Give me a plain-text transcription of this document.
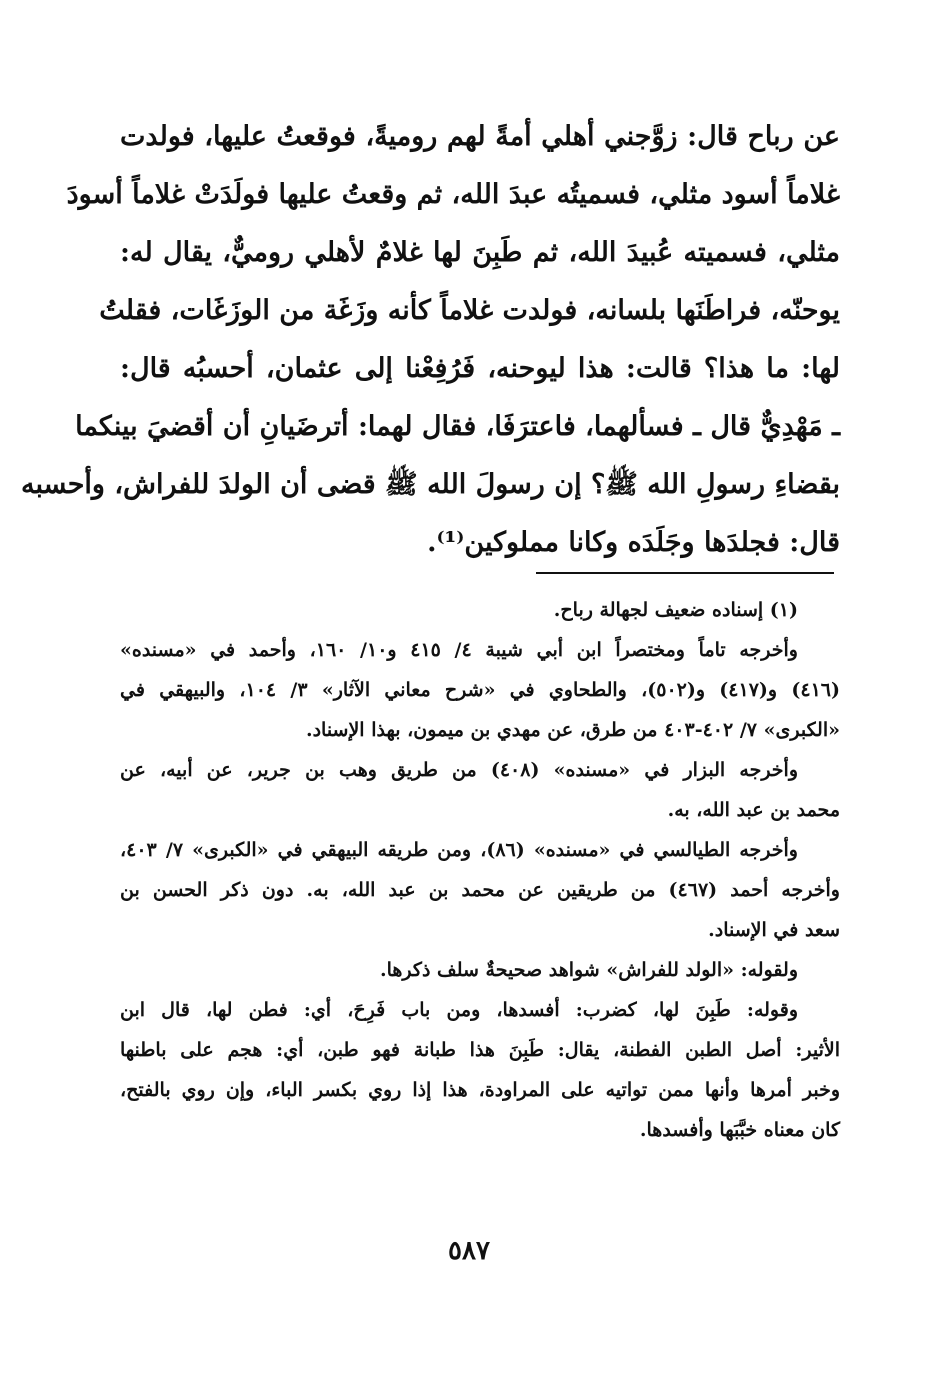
عن رباح قال: زوَّجني أهلي أمةً لهم روميةً، فوقعتُ عليها، فولدت
غلاماً أسود مثلي، فسميتُه عبدَ الله، ثم وقعتُ عليها فولَدَتْ غلاماً أسودَ
مثلي، فسميته عُبيدَ الله، ثم طَبِنَ لها غلامٌ لأهلي روميٌّ، يقال له:
يوحنّه، فراطَنَها بلسانه، فولدت غلاماً كأنه وزَغَة من الوزَغَات، فقلتُ
لها: ما هذا؟ قالت: هذا ليوحنه، فَرُفِعْنا إلى عثمان، أحسبُه قال:
ـ مَهْدِيٌّ قال ـ فسألهما، فاعترَفَا، فقال لهما: أترضَيانِ أن أقضيَ بينكما
بقضاءِ رسولِ الله ﷺ؟ إن رسولَ الله ﷺ قضى أن الولدَ للفراش، وأحسبه
قال: فجلدَها وجَلَدَه وكانا مملوكين⁽¹⁾.
(١) إسناده ضعيف لجهالة رباح.
وأخرجه تاماً ومختصراً ابن أبي شيبة ٤/ ٤١٥ و١٠/ ١٦٠، وأحمد في «مسنده»
(٤١٦) و(٤١٧) و(٥٠٢)، والطحاوي في «شرح معاني الآثار» ٣/ ١٠٤، والبيهقي في
«الكبرى» ٧/ ٤٠٢-٤٠٣ من طرق، عن مهدي بن ميمون، بهذا الإسناد.
وأخرجه البزار في «مسنده» (٤٠٨) من طريق وهب بن جرير، عن أبيه، عن
محمد بن عبد الله، به.
وأخرجه الطيالسي في «مسنده» (٨٦)، ومن طريقه البيهقي في «الكبرى» ٧/ ٤٠٣،
وأخرجه أحمد (٤٦٧) من طريقين عن محمد بن عبد الله، به. دون ذكر الحسن بن
سعد في الإسناد.
ولقوله: «الولد للفراش» شواهد صحيحةٌ سلف ذكرها.
وقوله: طَبِنَ لها، كضرب: أفسدها، ومن باب فَرِحَ، أي: فطن لها، قال ابن
الأثير: أصل الطبن الفطنة، يقال: طَبِنَ هذا طبانة فهو طبن، أي: هجم على باطنها
وخبر أمرها وأنها ممن تواتيه على المراودة، هذا إذا روي بكسر الباء، وإن روي بالفتح،
كان معناه خبَّبَها وأفسدها.
٥٨٧
